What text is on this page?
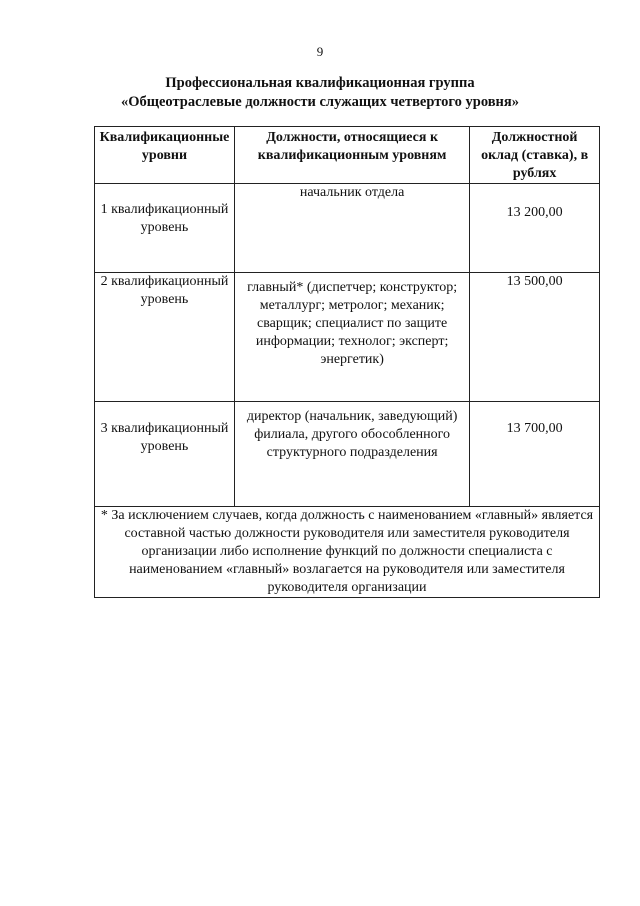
9
Профессиональная квалификационная группа
«Общеотраслевые должности служащих четвертого уровня»
Квалификационные уровни	Должности, относящиеся к квалификационным уровням	Должностной оклад (ставка), в рублях
1 квалификационный уровень	начальник отдела	13 200,00
2 квалификационный уровень	главный* (диспетчер; конструктор; металлург; метролог; механик; сварщик; специалист по защите информации; технолог; эксперт; энергетик)	13 500,00
3 квалификационный уровень	директор (начальник, заведующий) филиала, другого обособленного структурного подразделения	13 700,00
* За исключением случаев, когда должность с наименованием «главный» является составной частью должности руководителя или заместителя руководителя организации либо исполнение функций по должности специалиста с наименованием «главный» возлагается на руководителя или заместителя руководителя организации		
